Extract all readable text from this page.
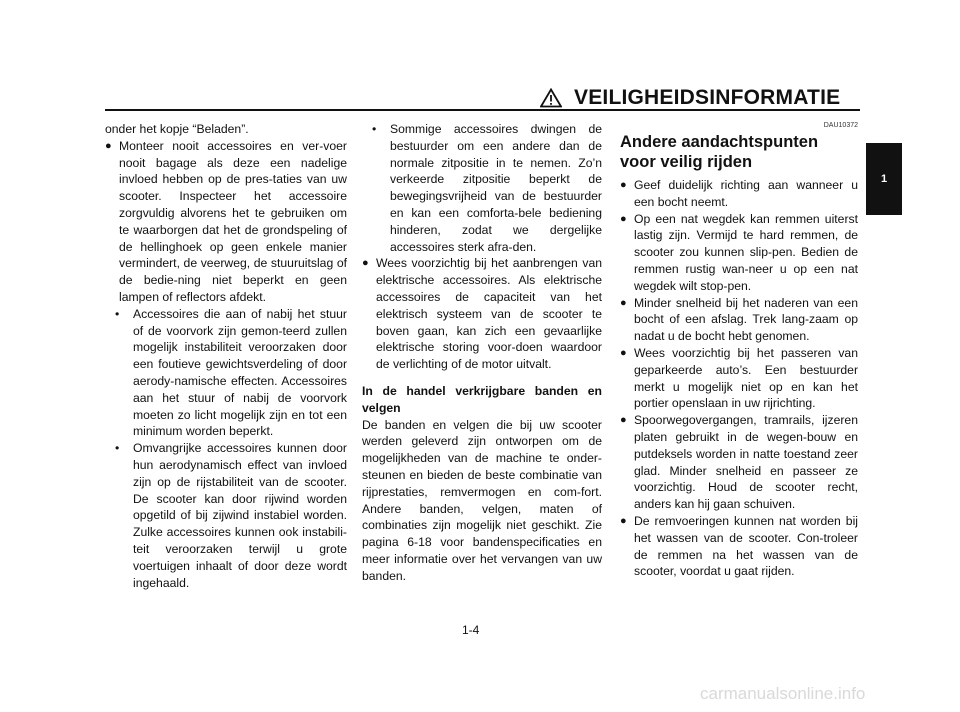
VEILIGHEIDSINFORMATIE
1

onder het kopje “Beladen”.

● Monteer nooit accessoires en ver-voer nooit bagage als deze een nadelige invloed hebben op de pres-taties van uw scooter. Inspecteer het accessoire zorgvuldig alvorens het te gebruiken om te waarborgen dat het de grondspeling of de hellinghoek op geen enkele manier vermindert, de veerweg, de stuuruitslag of de bedie-ning niet beperkt en geen lampen of reflectors afdekt.
• Accessoires die aan of nabij het stuur of de voorvork zijn gemon-teerd zullen mogelijk instabiliteit veroorzaken door een foutieve gewichtsverdeling of door aerody-namische effecten. Accessoires aan het stuur of nabij de voorvork moeten zo licht mogelijk zijn en tot een minimum worden beperkt.
• Omvangrijke accessoires kunnen door hun aerodynamisch effect van invloed zijn op de rijstabiliteit van de scooter. De scooter kan door rijwind worden opgetild of bij zijwind instabiel worden. Zulke accessoires kunnen ook instabili-teit veroorzaken terwijl u grote voertuigen inhaalt of door deze wordt ingehaald.
• Sommige accessoires dwingen de bestuurder om een andere dan de normale zitpositie in te nemen. Zo’n verkeerde zitpositie beperkt de bewegingsvrijheid van de bestuurder en kan een comforta-bele bediening hinderen, zodat we dergelijke accessoires sterk afra-den.
● Wees voorzichtig bij het aanbrengen van elektrische accessoires. Als elektrische accessoires de capaciteit van het elektrisch systeem van de scooter te boven gaan, kan zich een gevaarlijke elektrische storing voor-doen waardoor de verlichting of de motor uitvalt.

In de handel verkrijgbare banden en velgen

De banden en velgen die bij uw scooter werden geleverd zijn ontworpen om de mogelijkheden van de machine te onder-steunen en bieden de beste combinatie van rijprestaties, remvermogen en com-fort. Andere banden, velgen, maten of combinaties zijn mogelijk niet geschikt. Zie pagina 6-18 voor bandenspecificaties en meer informatie over het vervangen van uw banden.

DAU10372
Andere aandachtspunten voor veilig rijden
● Geef duidelijk richting aan wanneer u een bocht neemt.
● Op een nat wegdek kan remmen uiterst lastig zijn. Vermijd te hard remmen, de scooter zou kunnen slip-pen. Bedien de remmen rustig wan-neer u op een nat wegdek wilt stop-pen.
● Minder snelheid bij het naderen van een bocht of een afslag. Trek lang-zaam op nadat u de bocht hebt genomen.
● Wees voorzichtig bij het passeren van geparkeerde auto’s. Een bestuurder merkt u mogelijk niet op en kan het portier openslaan in uw rijrichting.
● Spoorwegovergangen, tramrails, ijzeren platen gebruikt in de wegen-bouw en putdeksels worden in natte toestand zeer glad. Minder snelheid en passeer ze voorzichtig. Houd de scooter recht, anders kan hij gaan schuiven.
● De remvoeringen kunnen nat worden bij het wassen van de scooter. Con-troleer de remmen na het wassen van de scooter, voordat u gaat rijden.
1-4
carmanualsonline.info
